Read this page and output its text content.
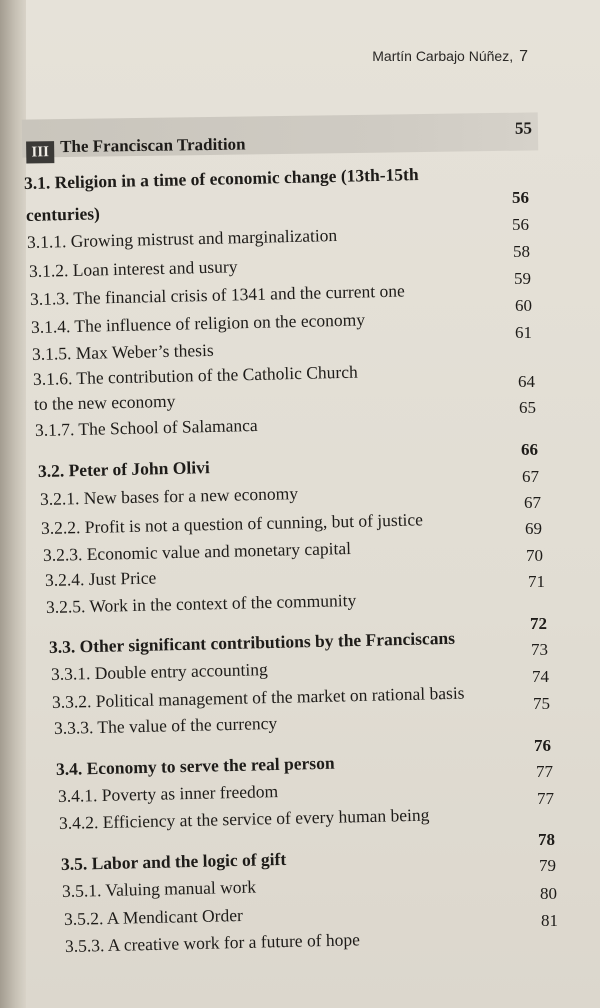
Martín Carbajo Núñez, 7
III The Franciscan Tradition
55
3.1. Religion in a time of economic change (13th-15th
centuries)
56
3.1.1. Growing mistrust and marginalization
56
3.1.2. Loan interest and usury
58
3.1.3. The financial crisis of 1341 and the current one
59
3.1.4. The influence of religion on the economy
60
3.1.5. Max Weber’s thesis
61
3.1.6. The contribution of the Catholic Church
to the new economy
64
3.1.7. The School of Salamanca
65
3.2. Peter of John Olivi
66
3.2.1. New bases for a new economy
67
3.2.2. Profit is not a question of cunning, but of justice
67
3.2.3. Economic value and monetary capital
69
3.2.4. Just Price
70
3.2.5. Work in the context of the community
71
3.3. Other significant contributions by the Franciscans
72
3.3.1. Double entry accounting
73
3.3.2. Political management of the market on rational basis
74
3.3.3. The value of the currency
75
3.4. Economy to serve the real person
76
3.4.1. Poverty as inner freedom
77
3.4.2. Efficiency at the service of every human being
77
3.5. Labor and the logic of gift
78
3.5.1. Valuing manual work
79
3.5.2. A Mendicant Order
80
3.5.3. A creative work for a future of hope
81
